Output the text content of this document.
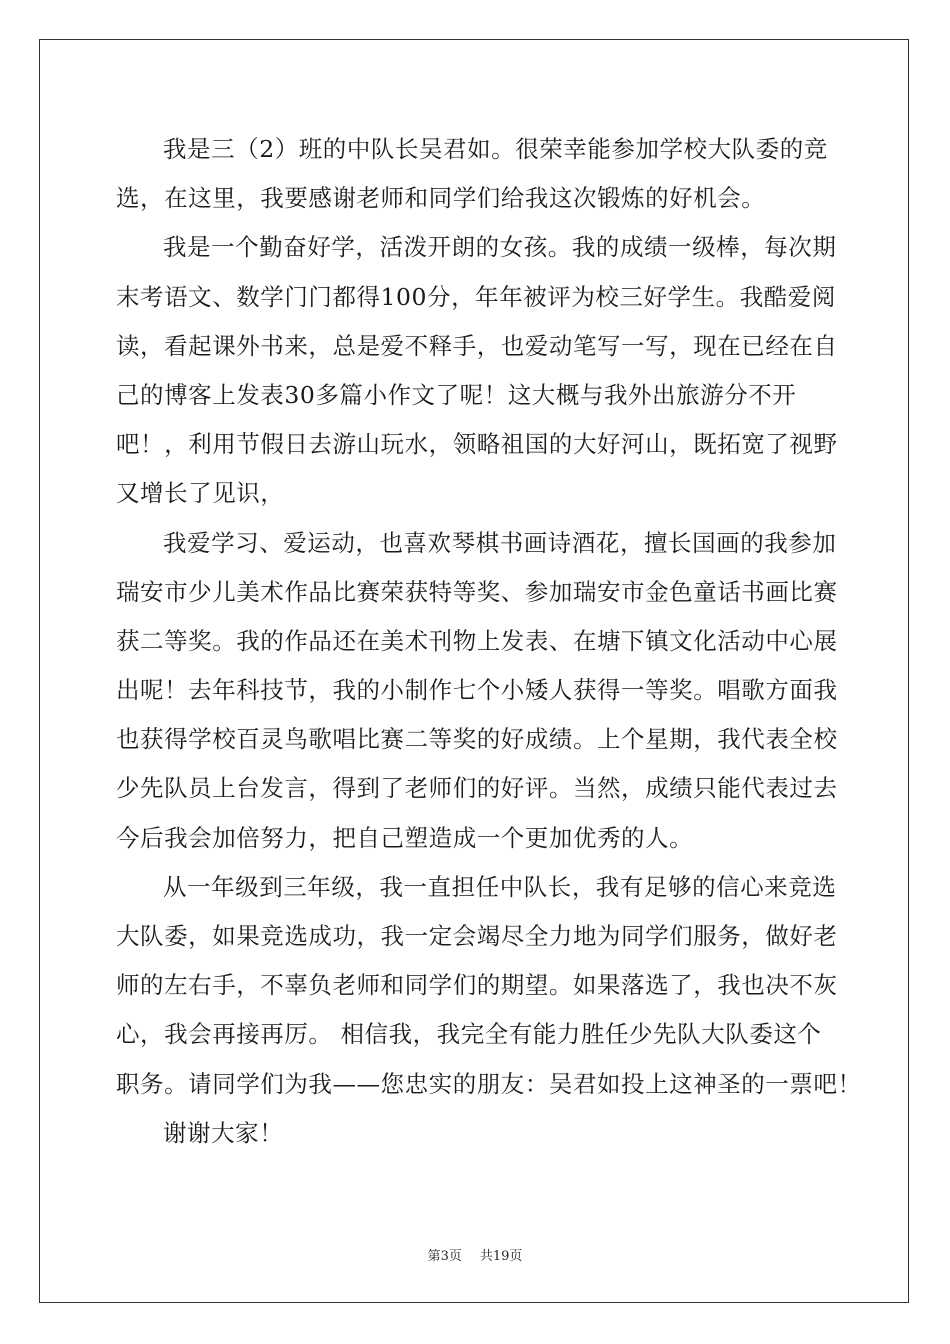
我是三（2）班的中队长吴君如。很荣幸能参加学校大队委的竞
选，在这里，我要感谢老师和同学们给我这次锻炼的好机会。
我是一个勤奋好学，活泼开朗的女孩。我的成绩一级棒，每次期
末考语文、数学门门都得100分，年年被评为校三好学生。我酷爱阅
读，看起课外书来，总是爱不释手，也爱动笔写一写，现在已经在自
己的博客上发表30多篇小作文了呢！这大概与我外出旅游分不开
吧！，利用节假日去游山玩水，领略祖国的大好河山，既拓宽了视野
又增长了见识，
我爱学习、爱运动，也喜欢琴棋书画诗酒花，擅长国画的我参加
瑞安市少儿美术作品比赛荣获特等奖、参加瑞安市金色童话书画比赛
获二等奖。我的作品还在美术刊物上发表、在塘下镇文化活动中心展
出呢！去年科技节，我的小制作七个小矮人获得一等奖。唱歌方面我
也获得学校百灵鸟歌唱比赛二等奖的好成绩。上个星期，我代表全校
少先队员上台发言，得到了老师们的好评。当然，成绩只能代表过去
今后我会加倍努力，把自己塑造成一个更加优秀的人。
从一年级到三年级，我一直担任中队长，我有足够的信心来竞选
大队委，如果竞选成功，我一定会竭尽全力地为同学们服务，做好老
师的左右手，不辜负老师和同学们的期望。如果落选了，我也决不灰
心，我会再接再厉。 相信我，我完全有能力胜任少先队大队委这个
职务。请同学们为我——您忠实的朋友：吴君如投上这神圣的一票吧！
谢谢大家！
第3页 共19页
